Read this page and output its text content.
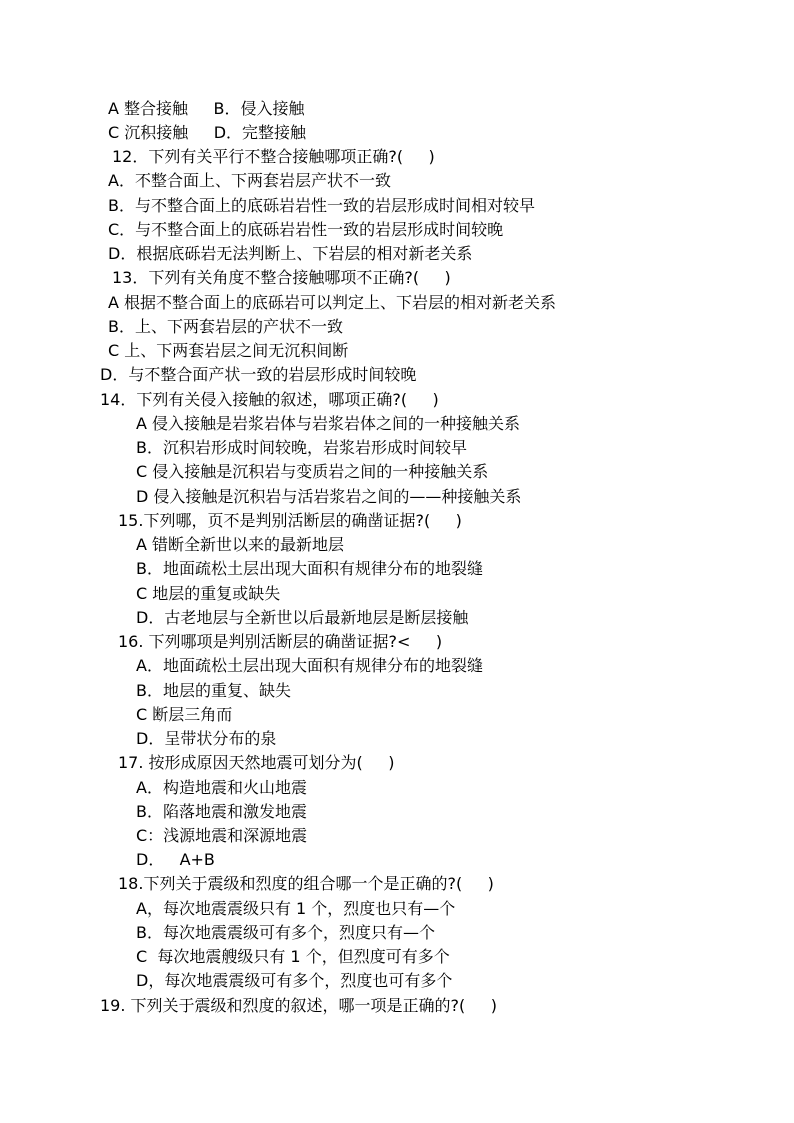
A 整合接触     B．侵入接触
C 沉积接触     D．完整接触
12．下列有关平行不整合接触哪项正确?(     )
A．不整合面上、下两套岩层产状不一致
B．与不整合面上的底砾岩岩性一致的岩层形成时间相对较早
C．与不整合面上的底砾岩岩性一致的岩层形成时间较晚
D．根据底砾岩无法判断上、下岩层的相对新老关系
13．下列有关角度不整合接触哪项不正确?(     )
A 根据不整合面上的底砾岩可以判定上、下岩层的相对新老关系
B．上、下两套岩层的产状不一致
C 上、下两套岩层之间无沉积间断
D．与不整合面产状一致的岩层形成时间较晚
14．下列有关侵入接触的叙述，哪项正确?(     )
A 侵入接触是岩浆岩体与岩浆岩体之间的一种接触关系
B．沉积岩形成时间较晚，岩浆岩形成时间较早
C 侵入接触是沉积岩与变质岩之间的一种接触关系
D 侵入接触是沉积岩与活岩浆岩之间的——种接触关系
15.下列哪，页不是判别活断层的确凿证据?(     )
A 错断全新世以来的最新地层
B．地面疏松土层出现大面积有规律分布的地裂缝
C 地层的重复或缺失
D．古老地层与全新世以后最新地层是断层接触
16. 下列哪项是判别活断层的确凿证据?<     )
A．地面疏松土层出现大面积有规律分布的地裂缝
B．地层的重复、缺失
C 断层三角而
D．呈带状分布的泉
17. 按形成原因天然地震可划分为(     )
A．构造地震和火山地震
B．陷落地震和激发地震
C：浅源地震和深源地震
D．   A+B
18.下列关于震级和烈度的组合哪一个是正确的?(     )
A，每次地震震级只有 1 个，烈度也只有—个
B．每次地震震级可有多个，烈度只有—个
C  每次地震艘级只有 1 个，但烈度可有多个
D，每次地震震级可有多个，烈度也可有多个
19. 下列关于震级和烈度的叙述，哪一项是正确的?(     )
